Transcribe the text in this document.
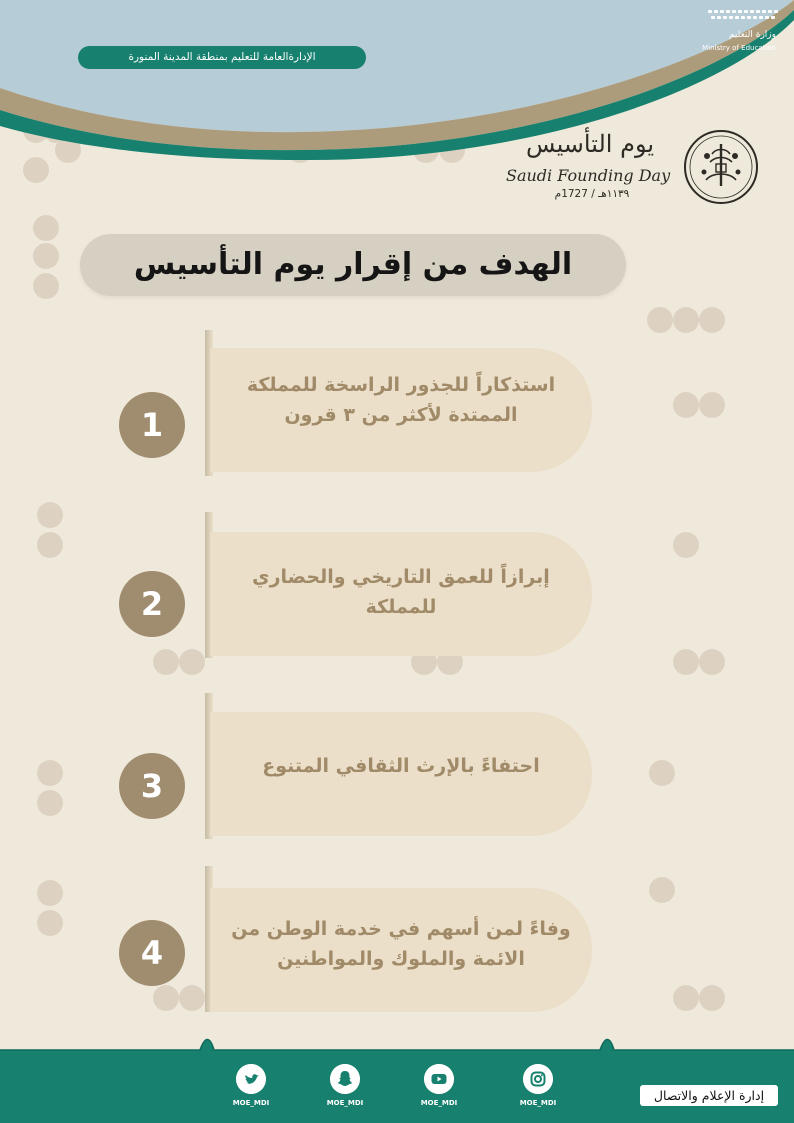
الإدارةالعامة للتعليم بمنطقة المدينة المنورة
وزارة التعليم
Ministry of Education
يوم التأسيس
Saudi Founding Day
١١٣٩هـ / 1727م
الهدف من إقرار يوم التأسيس
استذكاراً للجذور الراسخة للمملكة الممتدة لأكثر من ٣ قرون
1
إبرازاً للعمق التاريخي والحضاري للمملكة
2
احتفاءً بالإرث الثقافي المتنوع
3
وفاءً لمن أسهم في خدمة الوطن من الائمة والملوك والمواطنين
4
MOE_MDI	MOE_MDI	MOE_MDI	MOE_MDI	إدارة الإعلام والاتصال
